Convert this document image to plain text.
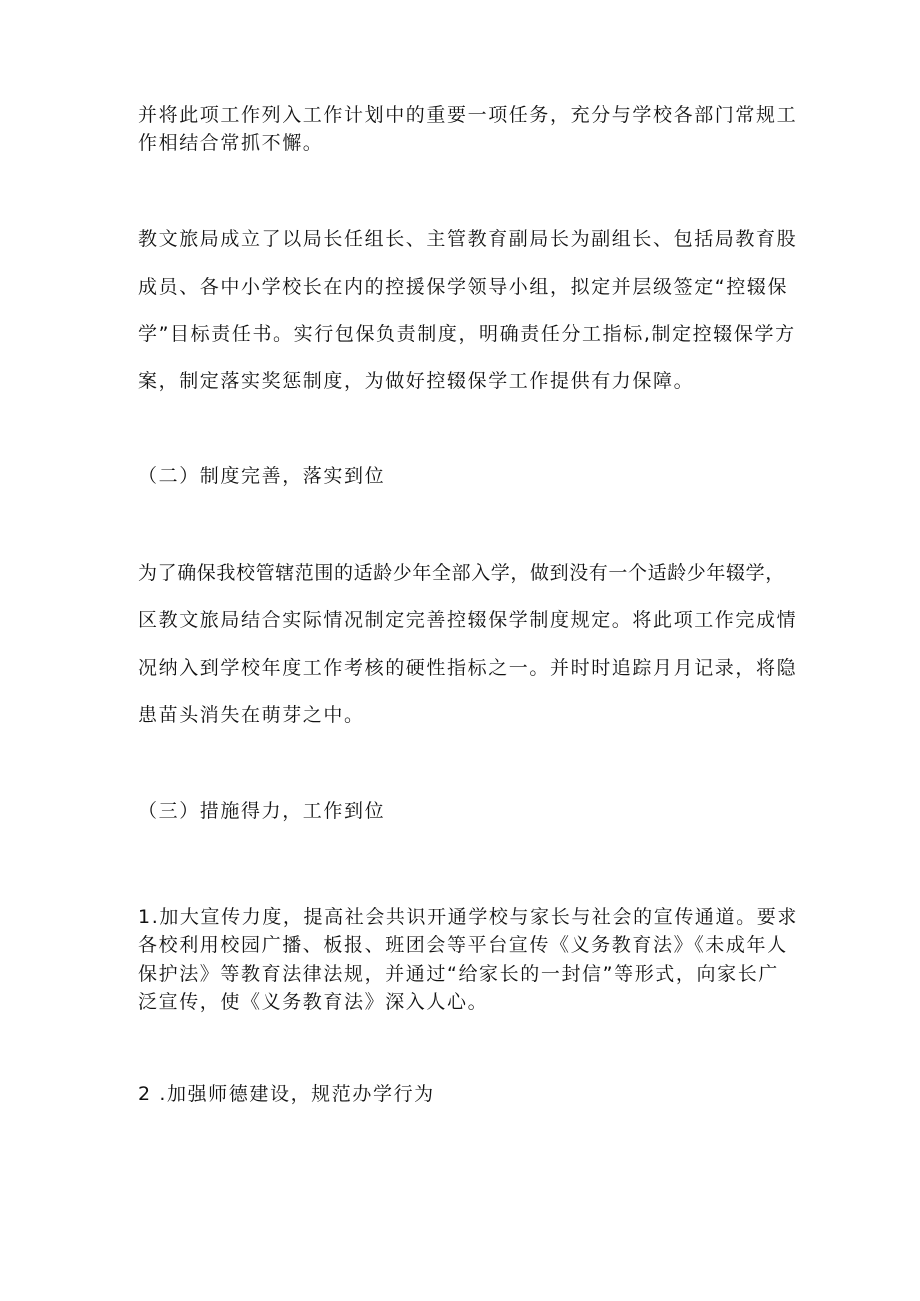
并将此项工作列入工作计划中的重要一项任务，充分与学校各部门常规工
作相结合常抓不懈。
教文旅局成立了以局长任组长、主管教育副局长为副组长、包括局教育股
成员、各中小学校长在内的控援保学领导小组，拟定并层级签定“控辍保
学”目标责任书。实行包保负责制度，明确责任分工指标,制定控辍保学方
案，制定落实奖惩制度，为做好控辍保学工作提供有力保障。
（二）制度完善，落实到位
为了确保我校管辖范围的适龄少年全部入学，做到没有一个适龄少年辍学，
区教文旅局结合实际情况制定完善控辍保学制度规定。将此项工作完成情
况纳入到学校年度工作考核的硬性指标之一。并时时追踪月月记录，将隐
患苗头消失在萌芽之中。
（三）措施得力，工作到位
1.加大宣传力度，提高社会共识开通学校与家长与社会的宣传通道。要求
各校利用校园广播、板报、班团会等平台宣传《义务教育法》《未成年人
保护法》等教育法律法规，并通过“给家长的一封信”等形式，向家长广
泛宣传，使《义务教育法》深入人心。
2 .加强师德建设，规范办学行为
